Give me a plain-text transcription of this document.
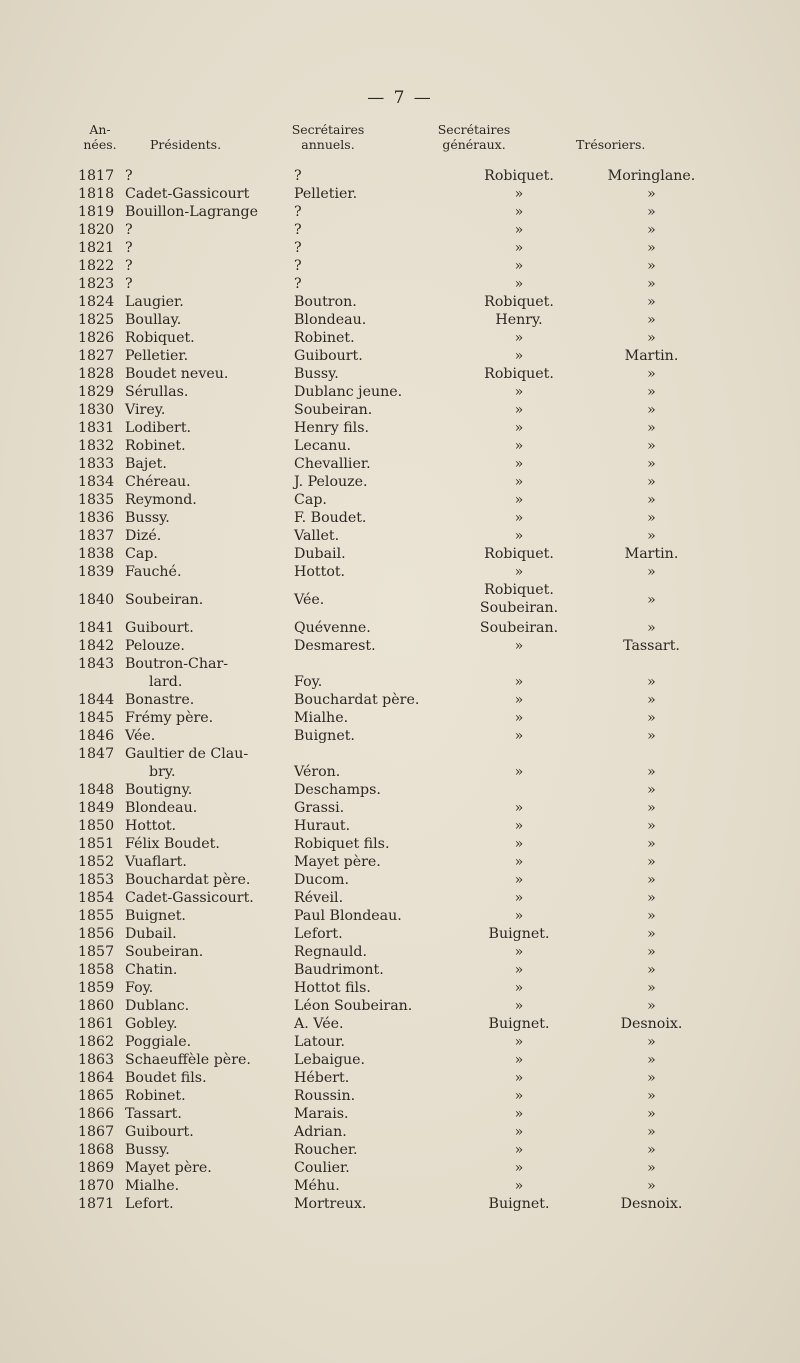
— 7 —
An-
nées.	Présidents.
Secrétaires
annuels.
Secrétaires
généraux.	Trésoriers.
1817	?	?	Robiquet.	Moringlane.
1818	Cadet-Gassicourt	Pelletier.	»	»
1819	Bouillon-Lagrange	?	»	»
1820	?	?	»	»
1821	?	?	»	»
1822	?	?	»	»
1823	?	?	»	»
1824	Laugier.	Boutron.	Robiquet.	»
1825	Boullay.	Blondeau.	Henry.	»
1826	Robiquet.	Robinet.	»	»
1827	Pelletier.	Guibourt.	»	Martin.
1828	Boudet neveu.	Bussy.	Robiquet.	»
1829	Sérullas.	Dublanc jeune.	»	»
1830	Virey.	Soubeiran.	»	»
1831	Lodibert.	Henry fils.	»	»
1832	Robinet.	Lecanu.	»	»
1833	Bajet.	Chevallier.	»	»
1834	Chéreau.	J. Pelouze.	»	»
1835	Reymond.	Cap.	»	»
1836	Bussy.	F. Boudet.	»	»
1837	Dizé.	Vallet.	»	»
1838	Cap.	Dubail.	Robiquet.	Martin.
1839	Fauché.	Hottot.	»	»
1840	Soubeiran.	Vée.	Robiquet.
Soubeiran.	»
1841	Guibourt.	Quévenne.	Soubeiran.	»
1842	Pelouze.	Desmarest.	»	Tassart.
1843	Boutron-Char-			
	lard.	Foy.	»	»
1844	Bonastre.	Bouchardat père.	»	»
1845	Frémy père.	Mialhe.	»	»
1846	Vée.	Buignet.	»	»
1847	Gaultier de Clau-			
	bry.	Véron.	»	»
1848	Boutigny.	Deschamps.		»
1849	Blondeau.	Grassi.	»	»
1850	Hottot.	Huraut.	»	»
1851	Félix Boudet.	Robiquet fils.	»	»
1852	Vuaflart.	Mayet père.	»	»
1853	Bouchardat père.	Ducom.	»	»
1854	Cadet-Gassicourt.	Réveil.	»	»
1855	Buignet.	Paul Blondeau.	»	»
1856	Dubail.	Lefort.	Buignet.	»
1857	Soubeiran.	Regnauld.	»	»
1858	Chatin.	Baudrimont.	»	»
1859	Foy.	Hottot fils.	»	»
1860	Dublanc.	Léon Soubeiran.	»	»
1861	Gobley.	A. Vée.	Buignet.	Desnoix.
1862	Poggiale.	Latour.	»	»
1863	Schaeuffèle père.	Lebaigue.	»	»
1864	Boudet fils.	Hébert.	»	»
1865	Robinet.	Roussin.	»	»
1866	Tassart.	Marais.	»	»
1867	Guibourt.	Adrian.	»	»
1868	Bussy.	Roucher.	»	»
1869	Mayet père.	Coulier.	»	»
1870	Mialhe.	Méhu.	»	»
1871	Lefort.	Mortreux.	Buignet.	Desnoix.
